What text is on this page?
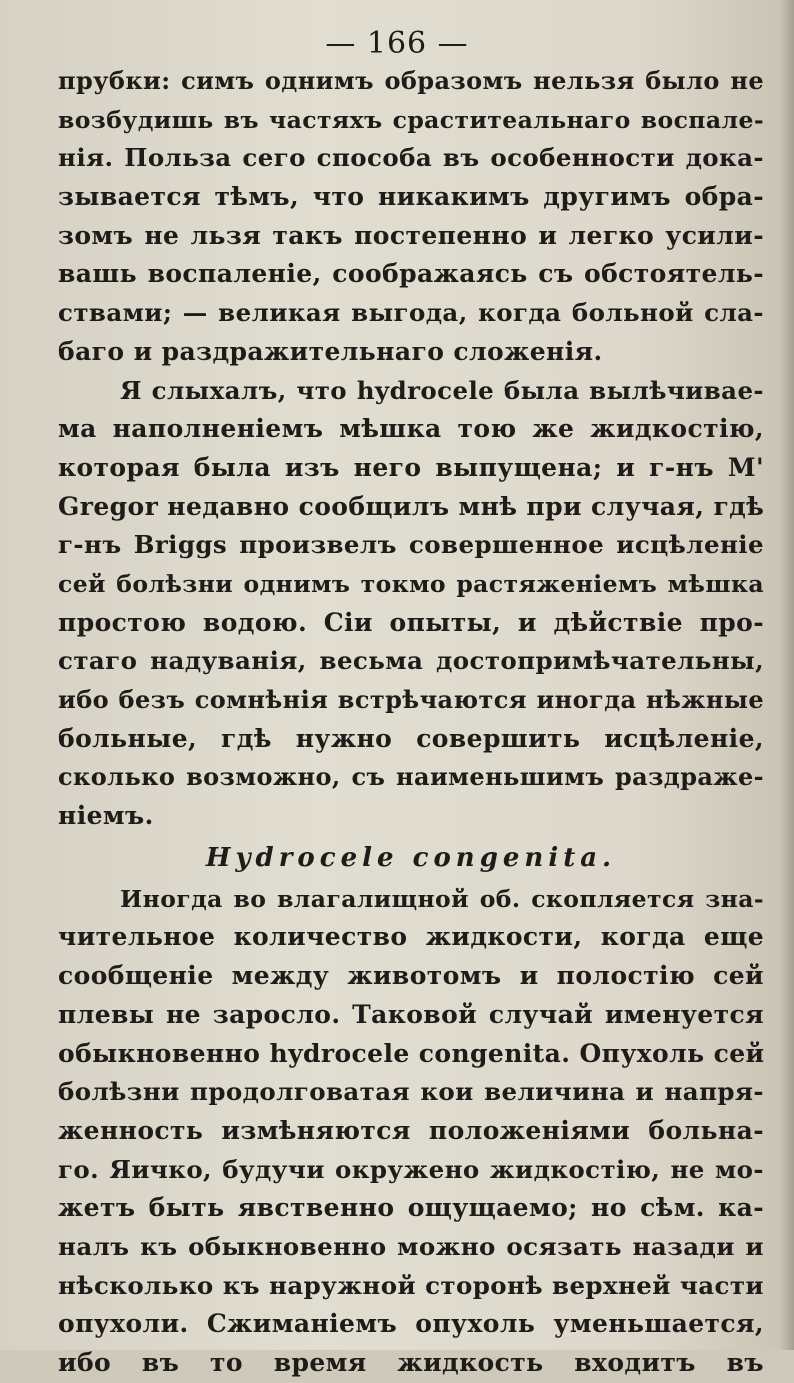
— 166 —
прубки: симъ однимъ образомъ нельзя было не
возбудишь въ частяхъ сраститеальнаго воспале-
нія. Польза сего способа въ особенности дока-
зывается тѣмъ, что никакимъ другимъ обра-
зомъ не льзя такъ постепенно и легко усили-
вашь воспаленіе, соображаясь съ обстоятель-
ствами; — великая выгода, когда больной сла-
баго и раздражительнаго сложенія.
Я слыхалъ, что hydrocele была вылѣчивае-
ма наполненіемъ мѣшка тою же жидкостію,
которая была изъ него выпущена; и г-нъ М'
Gregor недавно сообщилъ мнѣ при случая, гдѣ
г-нъ Briggs произвелъ совершенное исцѣленіе
сей болѣзни однимъ токмо растяженіемъ мѣшка
простою водою. Сіи опыты, и дѣйствіе про-
стаго надуванія, весьма достопримѣчательны,
ибо безъ сомнѣнія встрѣчаются иногда нѣжные
больные, гдѣ нужно совершить исцѣленіе,
сколько возможно, съ наименьшимъ раздраже-
ніемъ.
Hydrocele congenita.
Иногда во влагалищной об. скопляется зна-
чительное количество жидкости, когда еще
сообщеніе между животомъ и полостію сей
плевы не заросло. Таковой случай именуется
обыкновенно hydrocele congenita. Опухоль сей
болѣзни продолговатая кои величина и напря-
женность измѣняются положеніями больна-
го. Яичко, будучи окружено жидкостію, не мо-
жетъ быть явственно ощущаемо; но сѣм. ка-
налъ къ обыкновенно можно осязать назади и
нѣсколько къ наружной сторонѣ верхней части
опухоли. Сжиманіемъ опухоль уменьшается,
ибо въ то время жидкость входитъ въ
